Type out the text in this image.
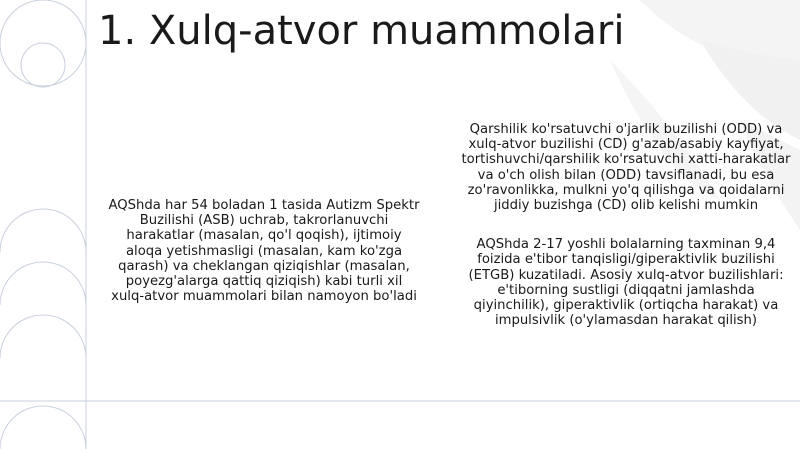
1. Xulq-atvor muammolari

AQShda har 54 boladan 1 tasida Autizm Spektr Buzilishi (ASB) uchrab, takrorlanuvchi harakatlar (masalan, qo'l qoqish), ijtimoiy aloqa yetishmasligi (masalan, kam ko'zga qarash) va cheklangan qiziqishlar (masalan, poyezg'alarga qattiq qiziqish) kabi turli xil xulq-atvor muammolari bilan namoyon bo'ladi

Qarshilik ko'rsatuvchi o'jarlik buzilishi (ODD) va xulq-atvor buzilishi (CD) g'azab/asabiy kayfiyat, tortishuvchi/qarshilik ko'rsatuvchi xatti-harakatlar va o'ch olish bilan (ODD) tavsiflanadi, bu esa zo'ravonlikka, mulkni yo'q qilishga va qoidalarni jiddiy buzishga (CD) olib kelishi mumkin

AQShda 2-17 yoshli bolalarning taxminan 9,4 foizida e'tibor tanqisligi/giperaktivlik buzilishi (ETGB) kuzatiladi. Asosiy xulq-atvor buzilishlari: e'tiborning sustligi (diqqatni jamlashda qiyinchilik), giperaktivlik (ortiqcha harakat) va impulsivlik (o'ylamasdan harakat qilish)
